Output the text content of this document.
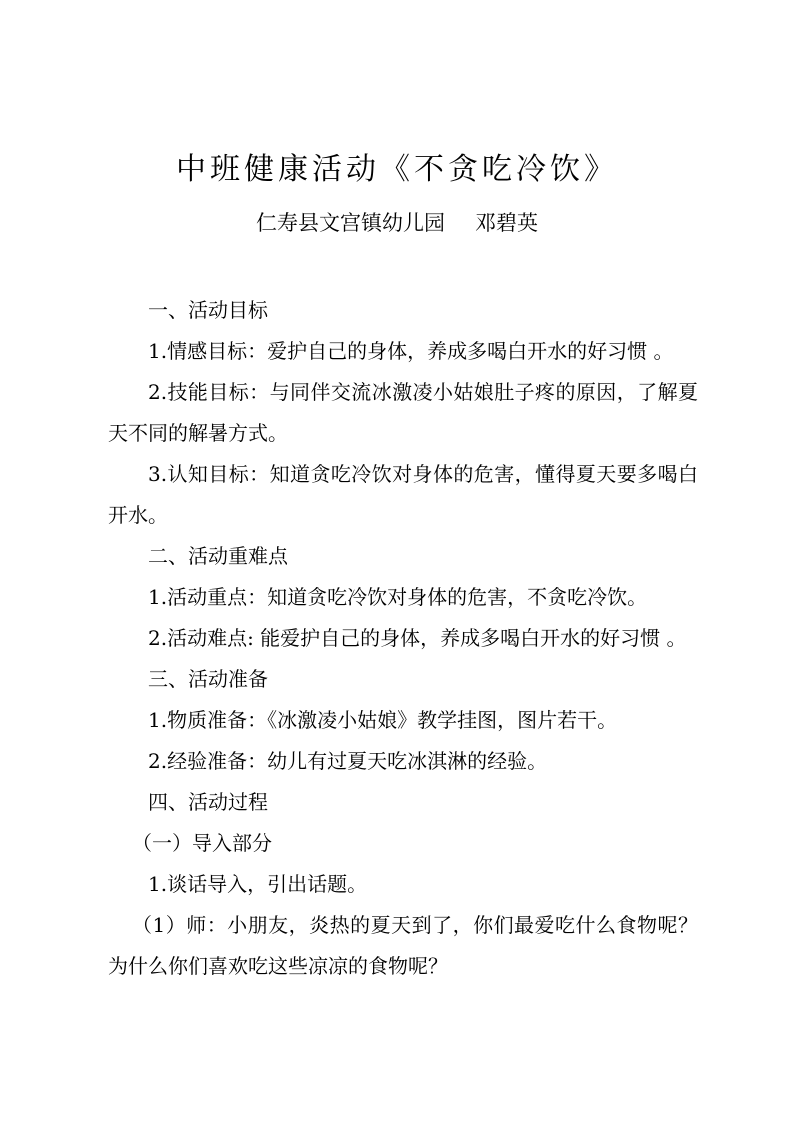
中班健康活动《不贪吃冷饮》
仁寿县文宫镇幼儿园 邓碧英

一、活动目标

1.情感目标：爱护自己的身体，养成多喝白开水的好习惯 。

2.技能目标：与同伴交流冰激凌小姑娘肚子疼的原因，了解夏天不同的解暑方式。

3.认知目标：知道贪吃冷饮对身体的危害，懂得夏天要多喝白开水。

二、活动重难点

1.活动重点：知道贪吃冷饮对身体的危害，不贪吃冷饮。

2.活动难点: 能爱护自己的身体，养成多喝白开水的好习惯 。

三、活动准备

1.物质准备：《冰激凌小姑娘》教学挂图，图片若干。

2.经验准备：幼儿有过夏天吃冰淇淋的经验。

四、活动过程

（一）导入部分

1.谈话导入，引出话题。

（1）师：小朋友，炎热的夏天到了，你们最爱吃什么食物呢？为什么你们喜欢吃这些凉凉的食物呢？
